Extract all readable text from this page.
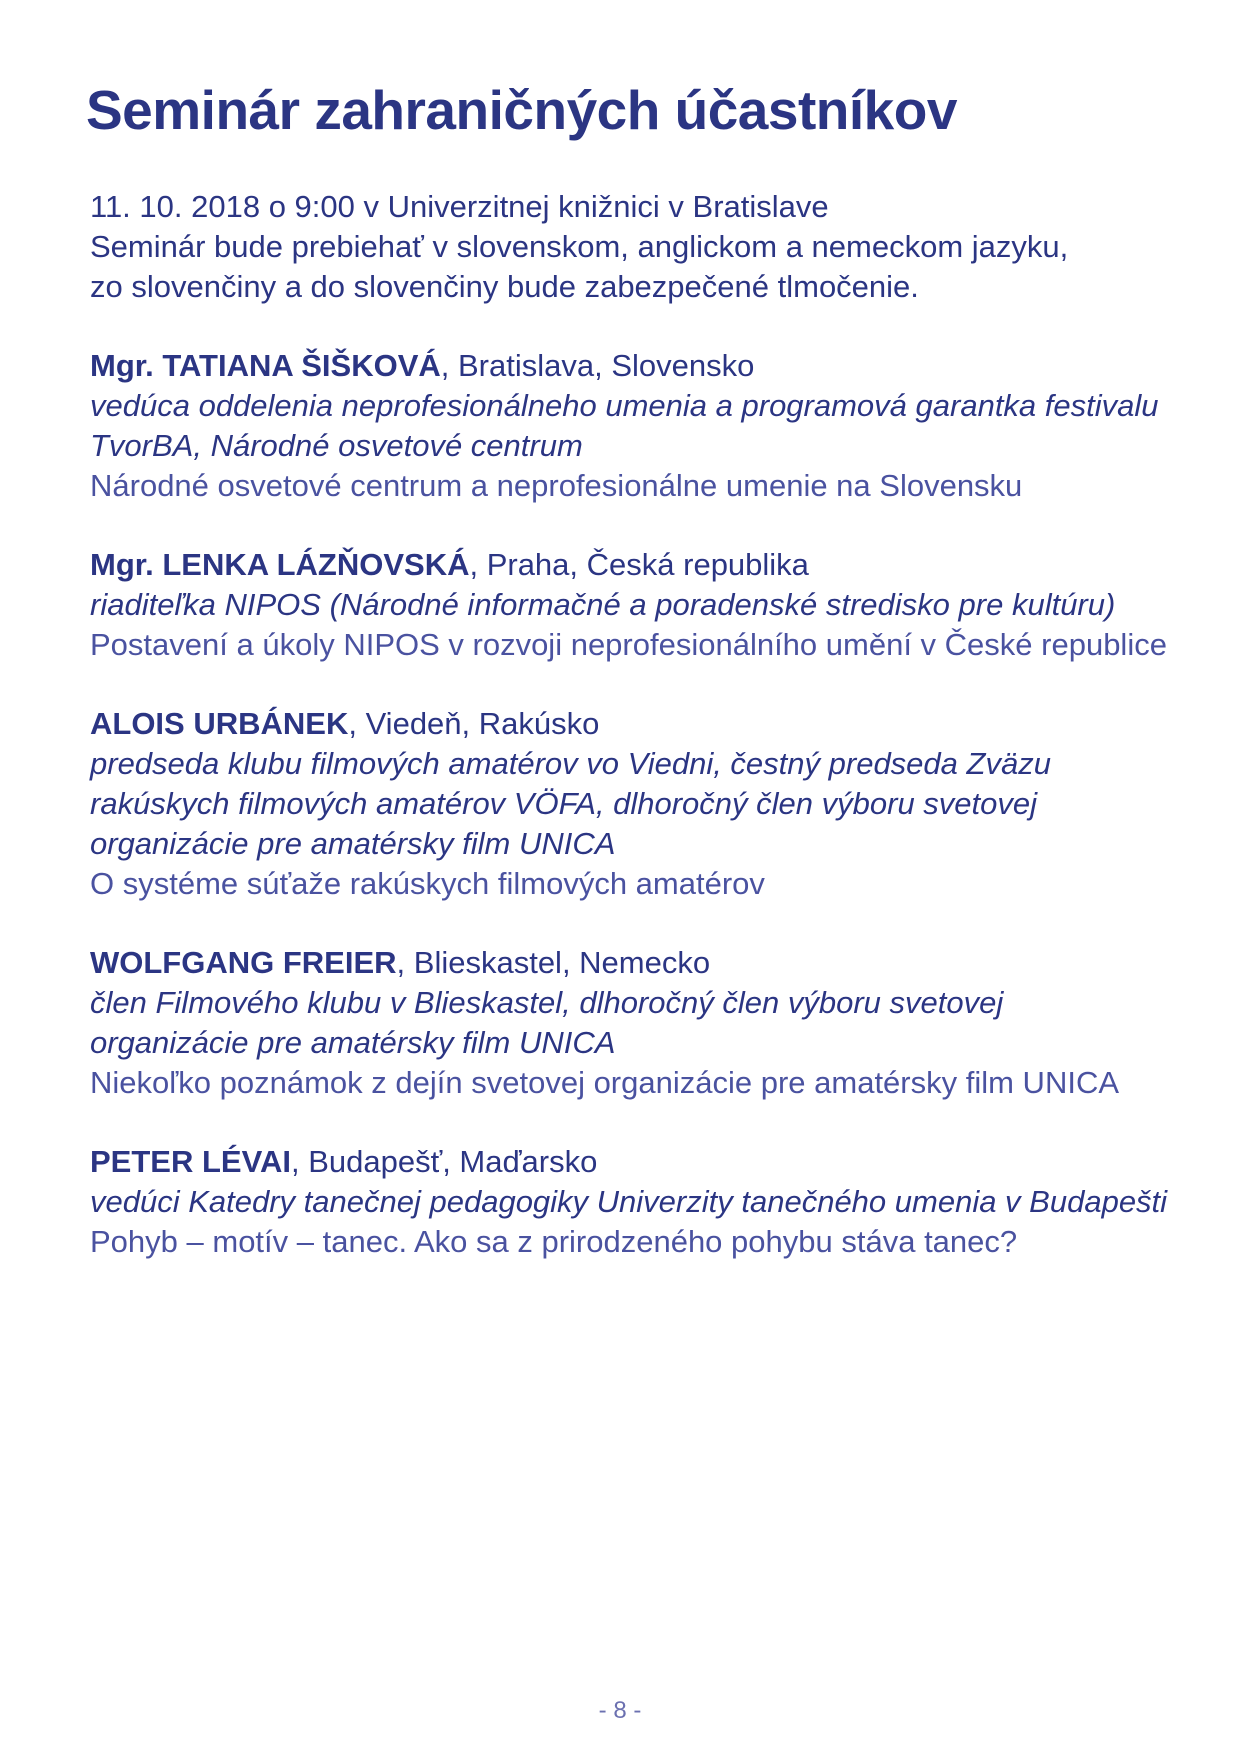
Seminár zahraničných účastníkov
11. 10. 2018 o 9:00 v Univerzitnej knižnici v Bratislave
Seminár bude prebiehať v slovenskom, anglickom a nemeckom jazyku,
zo slovenčiny a do slovenčiny bude zabezpečené tlmočenie.
Mgr. TATIANA ŠIŠKOVÁ, Bratislava, Slovensko
vedúca oddelenia neprofesionálneho umenia a programová garantka festivalu TvorBA, Národné osvetové centrum
Národné osvetové centrum a neprofesionálne umenie na Slovensku
Mgr. LENKA LÁZŇOVSKÁ, Praha, Česká republika
riaditeľka NIPOS (Národné informačné a poradenské stredisko pre kultúru)
Postavení a úkoly NIPOS v rozvoji neprofesionálního umění v České republice
ALOIS URBÁNEK, Viedeň, Rakúsko
predseda klubu filmových amatérov vo Viedni, čestný predseda Zväzu rakúskych filmových amatérov VÖFA, dlhoročný člen výboru svetovej organizácie pre amatérsky film UNICA
O systéme súťaže rakúskych filmových amatérov
WOLFGANG FREIER, Blieskastel, Nemecko
člen Filmového klubu v Blieskastel, dlhoročný člen výboru svetovej organizácie pre amatérsky film UNICA
Niekoľko poznámok z dejín svetovej organizácie pre amatérsky film UNICA
PETER LÉVAI, Budapešť, Maďarsko
vedúci Katedry tanečnej pedagogiky Univerzity tanečného umenia v Budapešti
Pohyb – motív – tanec. Ako sa z prirodzeného pohybu stáva tanec?
- 8 -
